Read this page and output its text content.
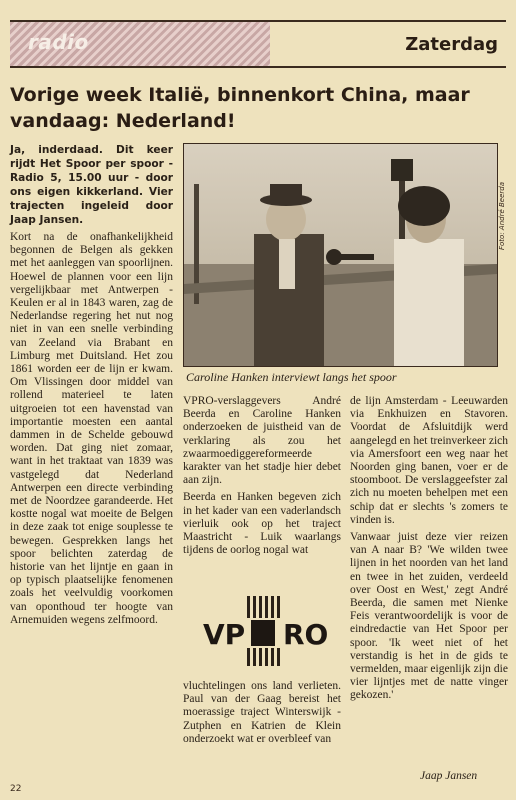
radio	Zaterdag
Vorige week Italië, binnenkort China, maar vandaag: Nederland!

Ja, inderdaad. Dit keer rijdt Het Spoor per spoor - Radio 5, 15.00 uur - door ons eigen kikkerland. Vier trajecten ingeleid door Jaap Jansen.

Kort na de onafhankelijkheid begonnen de Belgen als gekken met het aanleggen van spoorlijnen. Hoewel de plannen voor een lijn vergelijkbaar met Antwerpen - Keulen er al in 1843 waren, zag de Nederlandse regering het nut nog niet in van een snelle verbinding van Zeeland via Brabant en Limburg met Duitsland. Het zou 1861 worden eer de lijn er kwam. Om Vlissingen door middel van rollend materieel te laten uitgroeien tot een havenstad van importantie moesten een aantal dammen in de Schelde gebouwd worden. Dat ging niet zomaar, want in het traktaat van 1839 was vastgelegd dat Nederland Antwerpen een directe verbinding met de Noordzee garandeerde. Het kostte nogal wat moeite de Belgen in deze zaak tot enige souplesse te bewegen. Gesprekken langs het spoor belichten zaterdag de historie van het lijntje en gaan in op typisch plaatselijke fenomenen zoals het veelvuldig voorkomen van oponthoud ter hoogte van Arnemuiden wegens zelfmoord.

Foto: André Beerda
Caroline Hanken interviewt langs het spoor

VPRO-verslaggevers André Beerda en Caroline Hanken onderzoeken de juistheid van de verklaring als zou het zwaarmoediggereformeerde karakter van het stadje hier debet aan zijn.

Beerda en Hanken begeven zich in het kader van een vaderlandsch vierluik ook op het traject Maastricht - Luik waarlangs tijdens de oorlog nogal wat

VP RO

vluchtelingen ons land verlieten. Paul van der Gaag bereist het moerassige traject Winterswijk - Zutphen en Katrien de Klein onderzoekt wat er overbleef van

de lijn Amsterdam - Leeuwarden via Enkhuizen en Stavoren. Voordat de Afsluitdijk werd aangelegd en het treinverkeer zich via Amersfoort een weg naar het Noorden ging banen, voer er de stoomboot. De verslaggeefster zal zich nu moeten behelpen met een schip dat er slechts 's zomers te vinden is.

Vanwaar juist deze vier reizen van A naar B? 'We wilden twee lijnen in het noorden van het land en twee in het zuiden, verdeeld over Oost en West,' zegt André Beerda, die samen met Nienke Feis verantwoordelijk is voor de eindredactie van Het Spoor per spoor. 'Ik weet niet of het verstandig is het in de gids te vermelden, maar eigenlijk zijn die vier lijntjes met de natte vinger gekozen.'

Jaap Jansen
22
